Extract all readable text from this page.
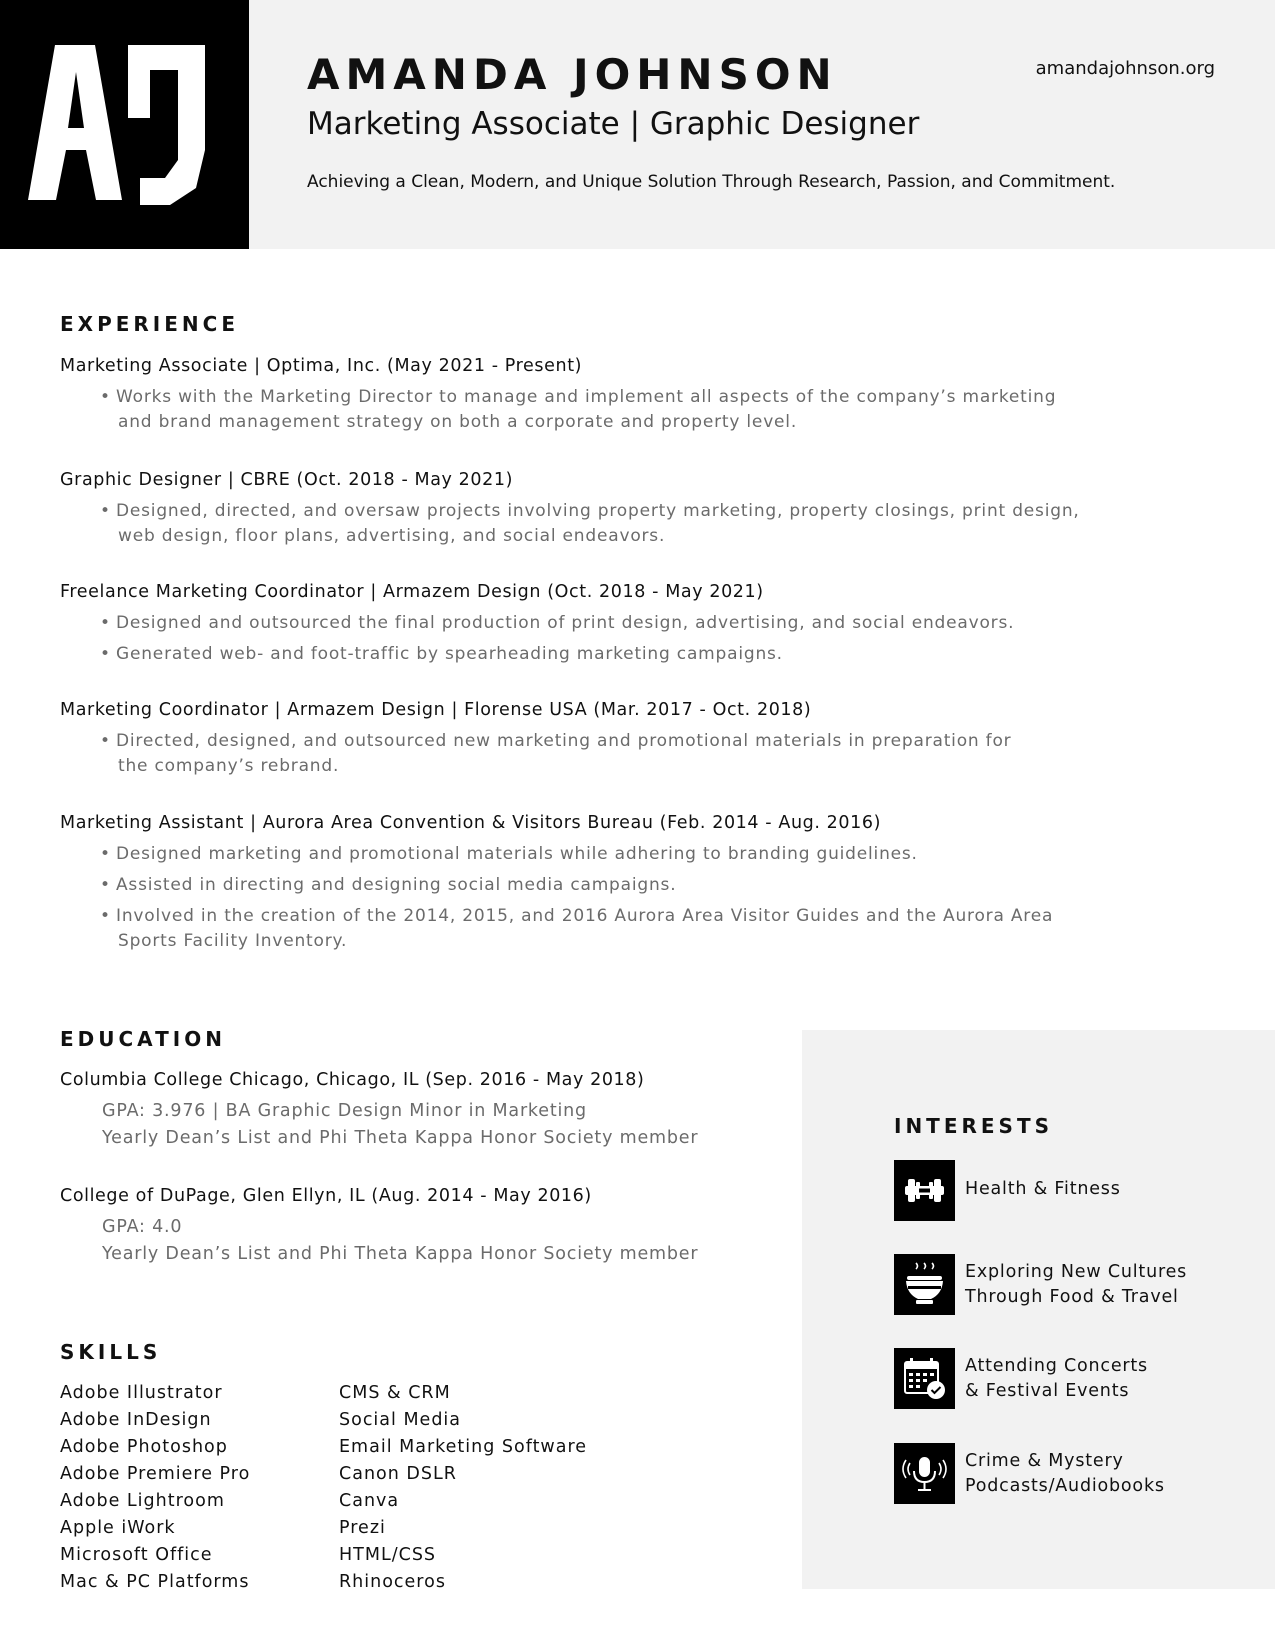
AMANDA JOHNSON
Marketing Associate | Graphic Designer
Achieving a Clean, Modern, and Unique Solution Through Research, Passion, and Commitment.
amandajohnson.org
EXPERIENCE
Marketing Associate | Optima, Inc. (May 2021 - Present)
• Works with the Marketing Director to manage and implement all aspects of the company’s marketing
and brand management strategy on both a corporate and property level.
Graphic Designer | CBRE (Oct. 2018 - May 2021)
• Designed, directed, and oversaw projects involving property marketing, property closings, print design,
web design, floor plans, advertising, and social endeavors.
Freelance Marketing Coordinator | Armazem Design (Oct. 2018 - May 2021)
• Designed and outsourced the final production of print design, advertising, and social endeavors.
• Generated web- and foot-traffic by spearheading marketing campaigns.
Marketing Coordinator | Armazem Design | Florense USA (Mar. 2017 - Oct. 2018)
• Directed, designed, and outsourced new marketing and promotional materials in preparation for
the company’s rebrand.
Marketing Assistant | Aurora Area Convention & Visitors Bureau (Feb. 2014 - Aug. 2016)
• Designed marketing and promotional materials while adhering to branding guidelines.
• Assisted in directing and designing social media campaigns.
• Involved in the creation of the 2014, 2015, and 2016 Aurora Area Visitor Guides and the Aurora Area
Sports Facility Inventory.
EDUCATION
Columbia College Chicago, Chicago, IL (Sep. 2016 - May 2018)
GPA: 3.976 | BA Graphic Design Minor in Marketing
Yearly Dean’s List and Phi Theta Kappa Honor Society member
College of DuPage, Glen Ellyn, IL (Aug. 2014 - May 2016)
GPA: 4.0
Yearly Dean’s List and Phi Theta Kappa Honor Society member
SKILLS
Adobe Illustrator
Adobe InDesign
Adobe Photoshop
Adobe Premiere Pro
Adobe Lightroom
Apple iWork
Microsoft Office
Mac & PC Platforms
CMS & CRM
Social Media
Email Marketing Software
Canon DSLR
Canva
Prezi
HTML/CSS
Rhinoceros
INTERESTS
Health & Fitness
Exploring New Cultures
Through Food & Travel
Attending Concerts
& Festival Events
Crime & Mystery
Podcasts/Audiobooks
